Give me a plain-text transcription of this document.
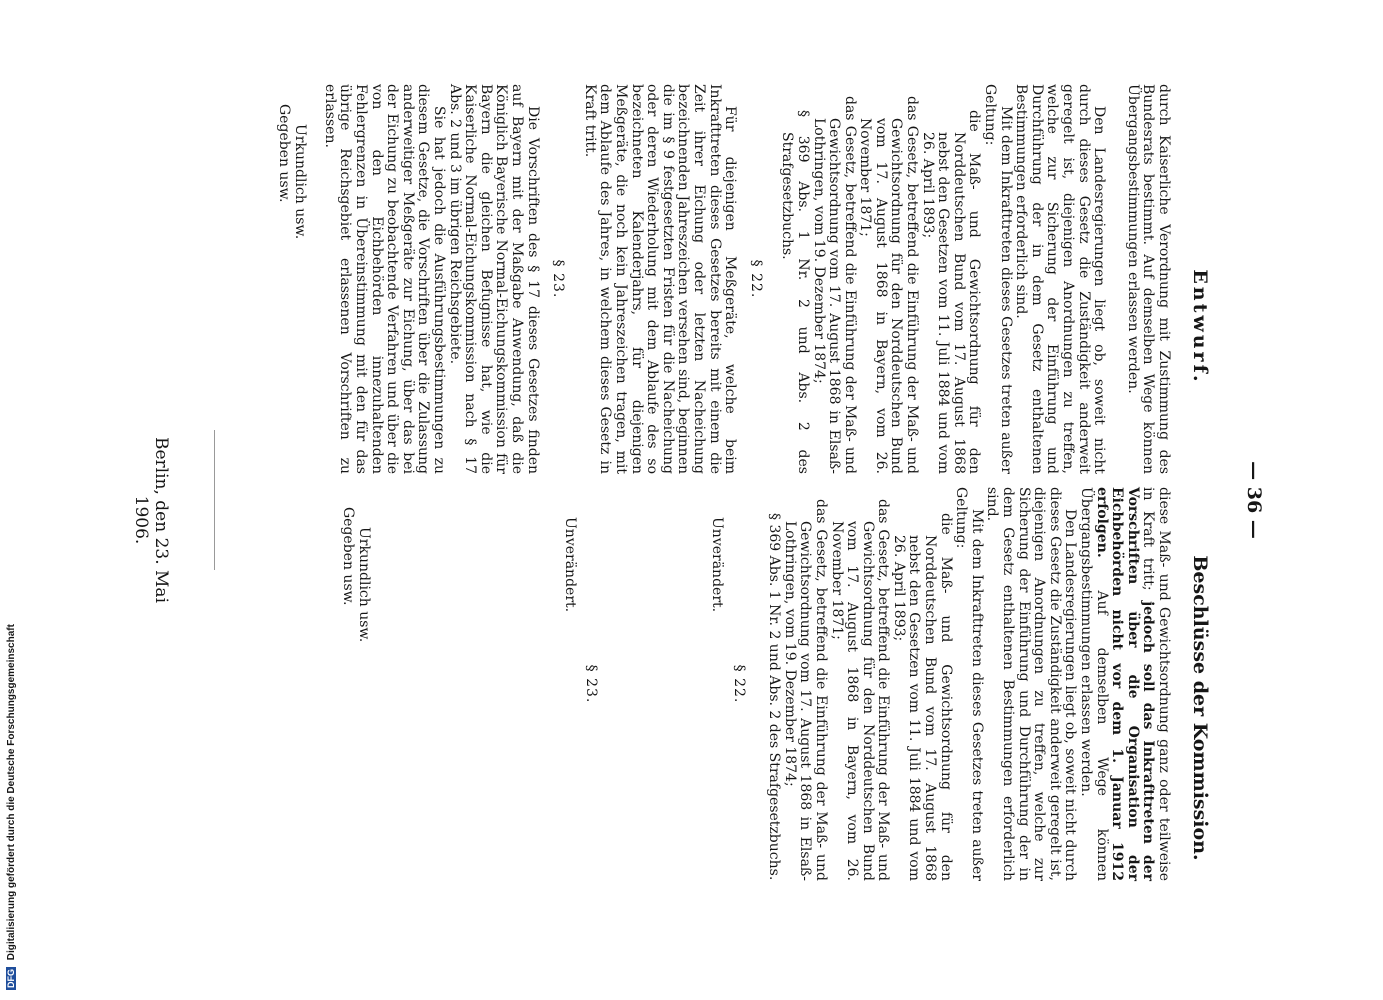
— 36 —
Entwurf.
Beschlüsse der Kommission.

durch Kaiserliche Verordnung mit Zustimmung des Bundesrats bestimmt. Auf demselben Wege können Übergangsbestimmungen erlassen werden.

Den Landesregierungen liegt ob, soweit nicht durch dieses Gesetz die Zuständigkeit anderweit geregelt ist, diejenigen Anordnungen zu treffen, welche zur Sicherung der Einführung und Durchführung der in dem Gesetz enthaltenen Bestimmungen erforderlich sind.

Mit dem Inkrafttreten dieses Gesetzes treten außer Geltung:

die Maß- und Gewichtsordnung für den Norddeutschen Bund vom 17. August 1868 nebst den Gesetzen vom 11. Juli 1884 und vom 26. April 1893;
das Gesetz, betreffend die Einführung der Maß- und Gewichtsordnung für den Norddeutschen Bund vom 17. August 1868 in Bayern, vom 26. November 1871;
das Gesetz, betreffend die Einführung der Maß- und Gewichtsordnung vom 17. August 1868 in Elsaß-Lothringen, vom 19. Dezember 1874;
§ 369 Abs. 1 Nr. 2 und Abs. 2 des Strafgesetzbuchs.
§ 22.

Für diejenigen Meßgeräte, welche beim Inkrafttreten dieses Gesetzes bereits mit einem die Zeit ihrer Eichung oder letzten Nacheichung bezeichnenden Jahreszeichen versehen sind, beginnen die im § 9 festgesetzten Fristen für die Nacheichung oder deren Wiederholung mit dem Ablaufe des so bezeichneten Kalenderjahrs, für diejenigen Meßgeräte, die noch kein Jahreszeichen tragen, mit dem Ablaufe des Jahres, in welchem dieses Gesetz in Kraft tritt.

§ 23.

Die Vorschriften des § 17 dieses Gesetzes finden auf Bayern mit der Maßgabe Anwendung, daß die Königlich Bayerische Normal-Eichungskommission für Bayern die gleichen Befugnisse hat, wie die Kaiserliche Normal-Eichungskommission nach § 17 Abs. 2 und 3 im übrigen Reichsgebiete.

Sie hat jedoch die Ausführungsbestimmungen zu diesem Gesetze, die Vorschriften über die Zulassung anderweitiger Meßgeräte zur Eichung, über das bei der Eichung zu beobachtende Verfahren und über die von den Eichbehörden innezuhaltenden Fehlergrenzen in Übereinstimmung mit den für das übrige Reichsgebiet erlassenen Vorschriften zu erlassen.

Urkundlich usw.
Gegeben usw.

diese Maß- und Gewichtsordnung ganz oder teilweise in Kraft tritt; jedoch soll das Inkrafttreten der Vorschriften über die Organisation der Eichbehörden nicht vor dem 1. Januar 1912 erfolgen. Auf demselben Wege können Übergangsbestimmungen erlassen werden.

Den Landesregierungen liegt ob, soweit nicht durch dieses Gesetz die Zuständigkeit anderweit geregelt ist, diejenigen Anordnungen zu treffen, welche zur Sicherung der Einführung und Durchführung der in dem Gesetz enthaltenen Bestimmungen erforderlich sind.

Mit dem Inkrafttreten dieses Gesetzes treten außer Geltung:

die Maß- und Gewichtsordnung für den Norddeutschen Bund vom 17. August 1868 nebst den Gesetzen vom 11. Juli 1884 und vom 26. April 1893;
das Gesetz, betreffend die Einführung der Maß- und Gewichtsordnung für den Norddeutschen Bund vom 17. August 1868 in Bayern, vom 26. November 1871;
das Gesetz, betreffend die Einführung der Maß- und Gewichtsordnung vom 17. August 1868 in Elsaß-Lothringen, vom 19. Dezember 1874;
§ 369 Abs. 1 Nr. 2 und Abs. 2 des Strafgesetzbuchs.
§ 22.

Unverändert.

§ 23.

Unverändert.

Urkundlich usw.
Gegeben usw.
Berlin, den 23. Mai 1906.
DFG Digitalisierung gefördert durch die Deutsche Forschungsgemeinschaft
